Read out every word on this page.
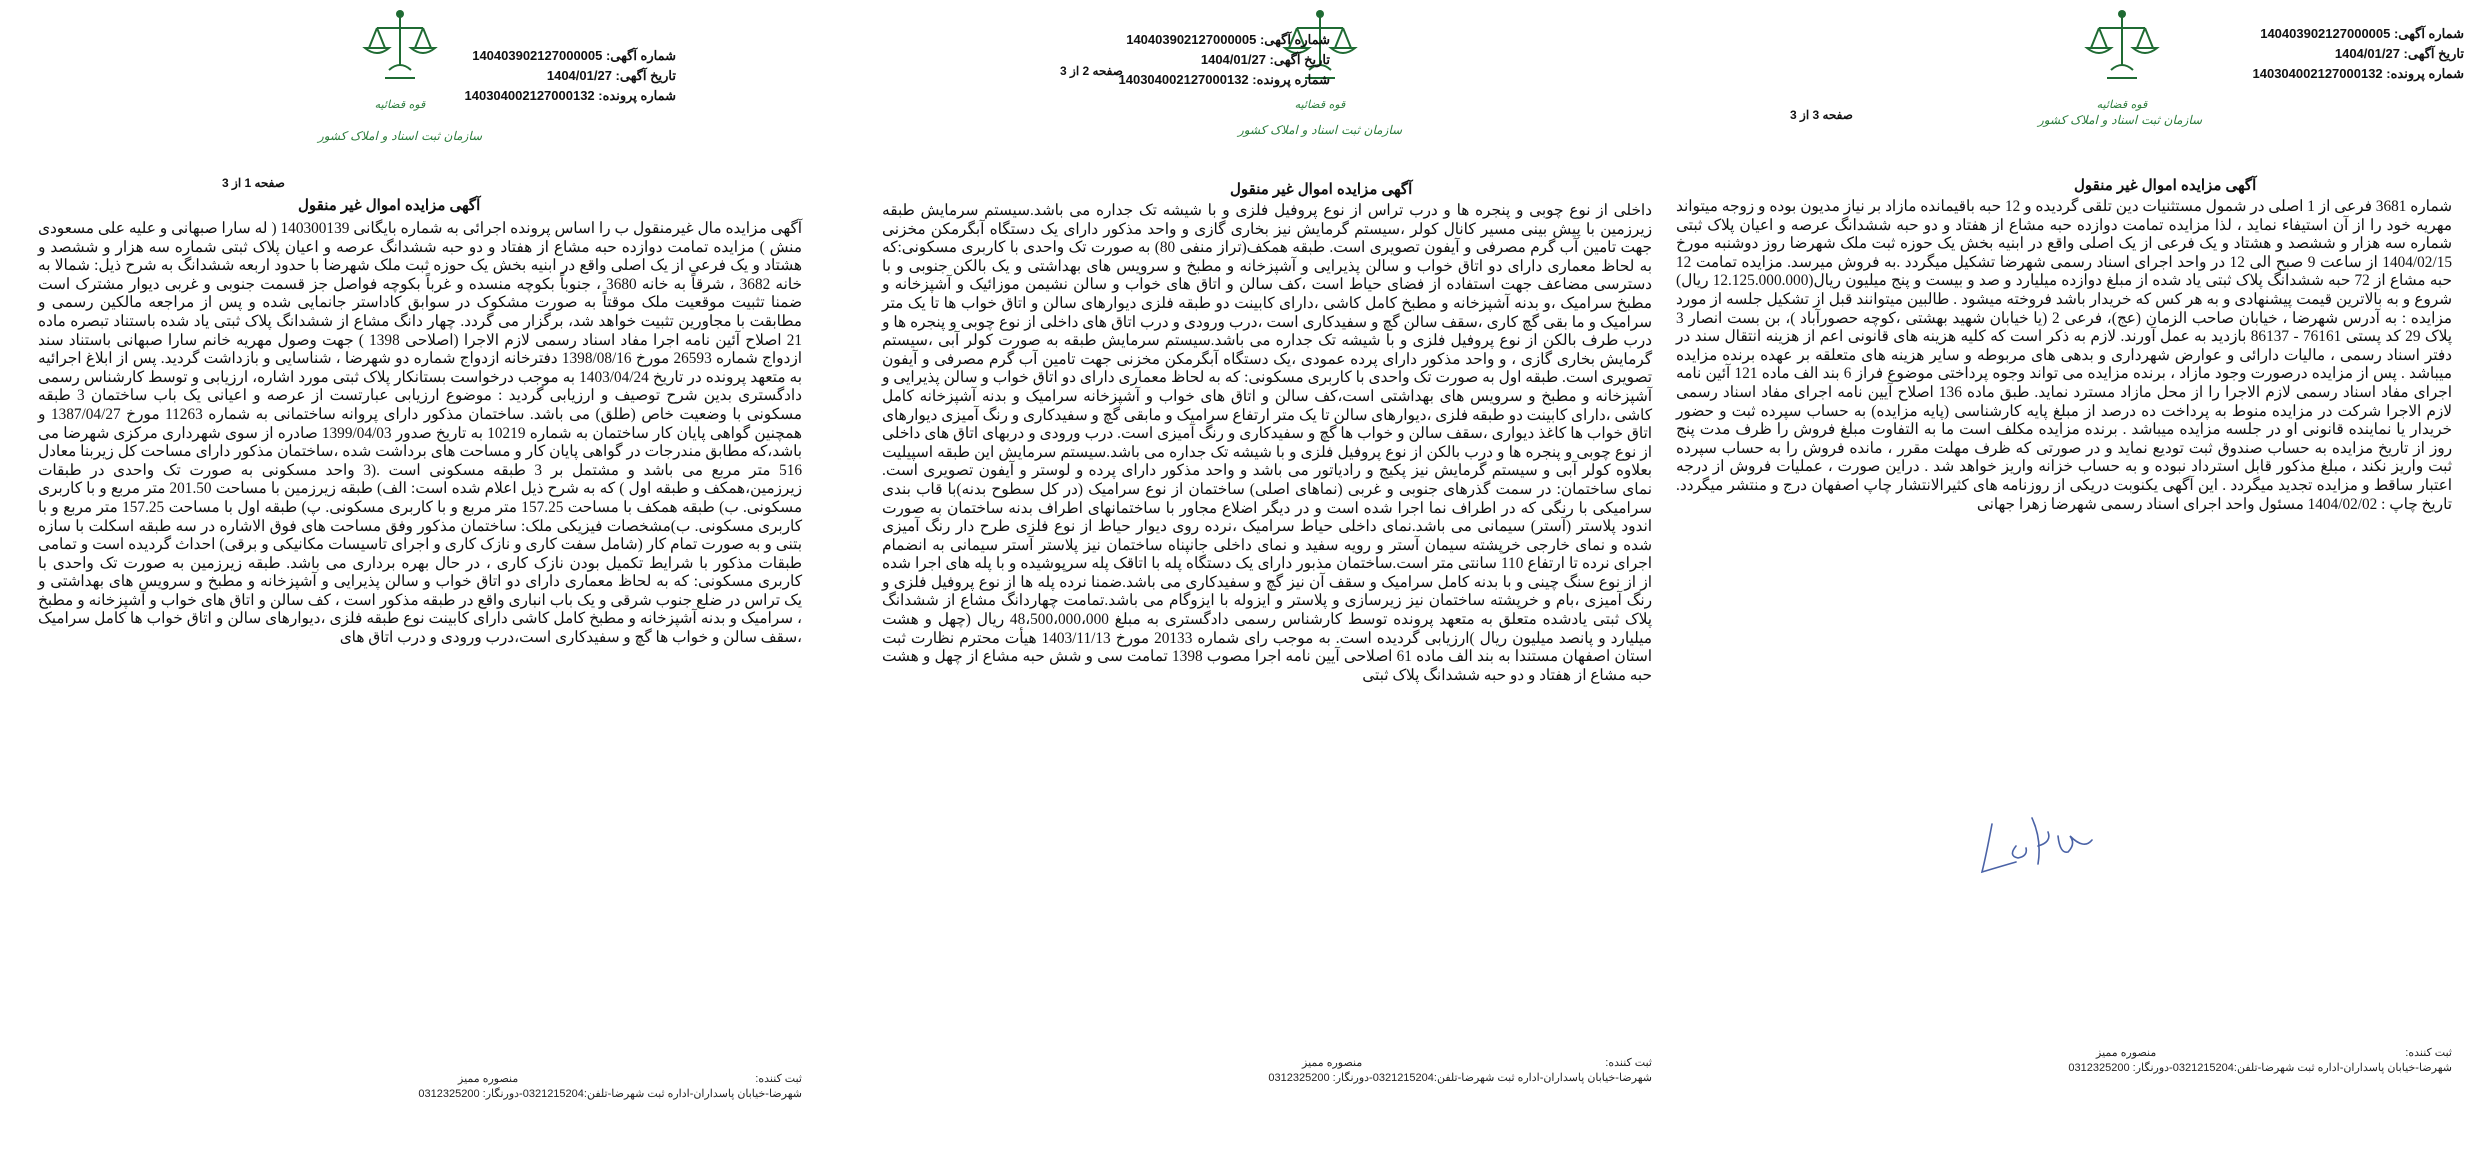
قوه قضائیه
سازمان ثبت اسناد و املاک کشور
شماره آگهی: 140403902127000005
تاریخ آگهی: 1404/01/27
شماره پرونده: 140304002127000132
صفحه 1 از 3
آگهی مزایده اموال غیر منقول

آگهی مزایده مال غیرمنقول ب را اساس پرونده اجرائی به شماره بایگانی 140300139 ( له سارا صبهانی و علیه علی مسعودی منش ) مزایده تمامت دوازده حبه مشاع از هفتاد و دو حبه ششدانگ عرصه و اعیان پلاک ثبتی شماره سه هزار و ششصد و هشتاد و یک فرعی از یک اصلی واقع در ابنیه بخش یک حوزه ثبت ملک شهرضا با حدود اربعه ششدانگ به شرح ذیل: شمالا به خانه 3682 ، شرقاً به خانه 3680 ، جنوباً بکوچه منسده و غرباً بکوچه فواصل جز قسمت جنوبی و غربی دیوار مشترک است ضمنا تثبیت موقعیت ملک موقتاً به صورت مشکوک در سوابق کاداستر جانمایی شده و پس از مراجعه مالکین رسمی و مطابقت با مجاورین تثبیت خواهد شد، برگزار می گردد. چهار دانگ مشاع از ششدانگ پلاک ثبتی یاد شده باستناد تبصره ماده 21 اصلاح آئین نامه اجرا مفاد اسناد رسمی لازم الاجرا (اصلاحی 1398 ) جهت وصول مهریه خانم سارا صبهانی باستناد سند ازدواج شماره 26593 مورخ 1398/08/16 دفترخانه ازدواج شماره دو شهرضا ، شناسایی و بازداشت گردید. پس از ابلاغ اجرائیه به متعهد پرونده در تاریخ 1403/04/24 به موجب درخواست بستانکار پلاک ثبتی مورد اشاره، ارزیابی و توسط کارشناس رسمی دادگستری بدین شرح توصیف و ارزیابی گردید : موضوع ارزیابی عبارتست از عرصه و اعیانی یک باب ساختمان 3 طبقه مسکونی با وضعیت خاص (طلق) می باشد. ساختمان مذکور دارای پروانه ساختمانی به شماره 11263 مورخ 1387/04/27 و همچنین گواهی پایان کار ساختمان به شماره 10219 به تاریخ صدور 1399/04/03 صادره از سوی شهرداری مرکزی شهرضا می باشد،که مطابق مندرجات در گواهی پایان کار و مساحت های برداشت شده ،ساختمان مذکور دارای مساحت کل زیربنا معادل 516 متر مربع می باشد و مشتمل بر 3 طبقه مسکونی است .(3 واحد مسکونی به صورت تک واحدی در طبقات زیرزمین،همکف و طبقه اول ) که به شرح ذیل اعلام شده است: الف) طبقه زیرزمین با مساحت 201.50 متر مربع و با کاربری مسکونی. ب) طبقه همکف با مساحت 157.25 متر مربع و با کاربری مسکونی. پ) طبقه اول با مساحت 157.25 متر مربع و با کاربری مسکونی. ب)مشخصات فیزیکی ملک: ساختمان مذکور وفق مساحت های فوق الاشاره در سه طبقه اسکلت با سازه بتنی و به صورت تمام کار (شامل سفت کاری و نازک کاری و اجرای تاسیسات مکانیکی و برقی) احداث گردیده است و تمامی طبقات مذکور با شرایط تکمیل بودن نازک کاری ، در حال بهره برداری می باشد. طبقه زیرزمین به صورت تک واحدی با کاربری مسکونی: که به لحاظ معماری دارای دو اتاق خواب و سالن پذیرایی و آشپزخانه و مطبخ و سرویس های بهداشتی و یک تراس در ضلع جنوب شرقی و یک باب انباری واقع در طبقه مذکور است ، کف سالن و اتاق های خواب و آشپزخانه و مطبخ ، سرامیک و بدنه آشپزخانه و مطبخ کامل کاشی دارای کابینت نوع طبقه فلزی ،دیوارهای سالن و اتاق خواب ها کامل سرامیک ،سقف سالن و خواب ها گچ و سفیدکاری است،درب ورودی و درب اتاق های

ثبت کننده:
منصوره ممیز
شهرضا-خیابان پاسداران-اداره ثبت شهرضا-تلفن:0321215204-دورنگار: 0312325200
قوه قضائیه
سازمان ثبت اسناد و املاک کشور
شماره آگهی: 140403902127000005
تاریخ آگهی: 1404/01/27
شماره پرونده: 140304002127000132
صفحه 2 از 3
آگهی مزایده اموال غیر منقول

داخلی از نوع چوبی و پنجره ها و درب تراس از نوع پروفیل فلزی و با شیشه تک جداره می باشد.سیستم سرمایش طبقه زیرزمین با پیش بینی مسیر کانال کولر ،سیستم گرمایش نیز بخاری گازی و واحد مذکور دارای یک دستگاه آبگرمکن مخزنی جهت تامین آب گرم مصرفی و آیفون تصویری است. طبقه همکف(تراز منفی 80) به صورت تک واحدی با کاربری مسکونی:که به لحاظ معماری دارای دو اتاق خواب و سالن پذیرایی و آشپزخانه و مطبخ و سرویس های بهداشتی و یک بالکن جنوبی و با دسترسی مضاعف جهت استفاده از فضای حیاط است ،کف سالن و اتاق های خواب و سالن نشیمن موزائیک و آشپزخانه و مطبخ سرامیک ،و بدنه آشپزخانه و مطبخ کامل کاشی ،دارای کابینت دو طبقه فلزی دیوارهای سالن و اتاق خواب ها تا یک متر سرامیک و ما بقی گچ کاری ،سقف سالن گچ و سفیدکاری است ،درب ورودی و درب اتاق های داخلی از نوع چوبی و پنجره ها و درب طرف بالکن از نوع پروفیل فلزی و با شیشه تک جداره می باشد.سیستم سرمایش طبقه به صورت کولر آبی ،سیستم گرمایش بخاری گازی ، و واحد مذکور دارای پرده عمودی ،یک دستگاه آبگرمکن مخزنی جهت تامین آب گرم مصرفی و آیفون تصویری است. طبقه اول به صورت تک واحدی با کاربری مسکونی: که به لحاظ معماری دارای دو اتاق خواب و سالن پذیرایی و آشپزخانه و مطبخ و سرویس های بهداشتی است،کف سالن و اتاق های خواب و آشپزخانه سرامیک و بدنه آشپزخانه کامل کاشی ،دارای کابینت دو طبقه فلزی ،دیوارهای سالن تا یک متر ارتفاع سرامیک و مابقی گچ و سفیدکاری و رنگ آمیزی دیوارهای اتاق خواب ها کاغذ دیواری ،سقف سالن و خواب ها گچ و سفیدکاری و رنگ آمیزی است. درب ورودی و دربهای اتاق های داخلی از نوع چوبی و پنجره ها و درب بالکن از نوع پروفیل فلزی و با شیشه تک جداره می باشد.سیستم سرمایش این طبقه اسپیلیت بعلاوه کولر آبی و سیستم گرمایش نیز پکیج و رادیاتور می باشد و واحد مذکور دارای پرده و لوستر و آیفون تصویری است. نمای ساختمان: در سمت گذرهای جنوبی و غربی (نماهای اصلی) ساختمان از نوع سرامیک (در کل سطوح بدنه)با قاب بندی سرامیکی با رنگی که در اطراف نما اجرا شده است و در دیگر اضلاع مجاور با ساختمانهای اطراف بدنه ساختمان به صورت اندود پلاستر (آستر) سیمانی می باشد.نمای داخلی حیاط سرامیک ،نرده روی دیوار حیاط از نوع فلزی طرح دار رنگ آمیزی شده و نمای خارجی خرپشته سیمان آستر و رویه سفید و نمای داخلی جانپناه ساختمان نیز پلاستر آستر سیمانی به انضمام اجرای نرده تا ارتفاع 110 سانتی متر است.ساختمان مذبور دارای یک دستگاه پله با اتاقک پله سرپوشیده و با پله های اجرا شده از از نوع سنگ چینی و با بدنه کامل سرامیک و سقف آن نیز گچ و سفیدکاری می باشد.ضمنا نرده پله ها از نوع پروفیل فلزی و رنگ آمیزی ،بام و خرپشته ساختمان نیز زیرسازی و پلاستر و ایزوله با ایزوگام می باشد.تمامت چهاردانگ مشاع از ششدانگ پلاک ثبتی یادشده متعلق به متعهد پرونده توسط کارشناس رسمی دادگستری به مبلغ 48،500،000،000 ریال (چهل و هشت میلیارد و پانصد میلیون ریال )ارزیابی گردیده است. به موجب رای شماره 20133 مورخ 1403/11/13 هیأت محترم نظارت ثبت استان اصفهان مستندا به بند الف ماده 61 اصلاحی آیین نامه اجرا مصوب 1398 تمامت سی و شش حبه مشاع از چهل و هشت حبه مشاع از هفتاد و دو حبه ششدانگ پلاک ثبتی

ثبت کننده:
منصوره ممیز
شهرضا-خیابان پاسداران-اداره ثبت شهرضا-تلفن:0321215204-دورنگار: 0312325200
قوه قضائیه
سازمان ثبت اسناد و املاک کشور
شماره آگهی: 140403902127000005
تاریخ آگهی: 1404/01/27
شماره پرونده: 140304002127000132
صفحه 3 از 3
آگهی مزایده اموال غیر منقول

شماره 3681 فرعی از 1 اصلی در شمول مستثنیات دین تلقی گردیده و 12 حبه باقیمانده مازاد بر نیاز مدیون بوده و زوجه میتواند مهریه خود را از آن استیفاء نماید ، لذا مزایده تمامت دوازده حبه مشاع از هفتاد و دو حبه ششدانگ عرصه و اعیان پلاک ثبتی شماره سه هزار و ششصد و هشتاد و یک فرعی از یک اصلی واقع در ابنیه بخش یک حوزه ثبت ملک شهرضا روز دوشنبه مورخ 1404/02/15 از ساعت 9 صبح الی 12 در واحد اجرای اسناد رسمی شهرضا تشکیل میگردد .به فروش میرسد. مزایده تمامت 12 حبه مشاع از 72 حبه ششدانگ پلاک ثبتی یاد شده از مبلغ دوازده میلیارد و صد و بیست و پنج میلیون ریال(12.125.000.000 ریال) شروع و به بالاترین قیمت پیشنهادی و به هر کس که خریدار باشد فروخته میشود . طالبین میتوانند قبل از تشکیل جلسه از مورد مزایده : به آدرس شهرضا ، خیابان صاحب الزمان (عج)، فرعی 2 (یا خیابان شهید بهشتی ،کوچه حصورآباد )، بن بست انصار 3 پلاک 29 کد پستی 76161 - 86137 بازدید به عمل آورند. لازم به ذکر است که کلیه هزینه های قانونی اعم از هزینه انتقال سند در دفتر اسناد رسمی ، مالیات دارائی و عوارض شهرداری و بدهی های مربوطه و سایر هزینه های متعلقه بر عهده برنده مزایده میباشد . پس از مزایده درصورت وجود مازاد ، برنده مزایده می تواند وجوه پرداختی موضوع فراز 6 بند الف ماده 121 آئین نامه اجرای مفاد اسناد رسمی لازم الاجرا را از محل مازاد مسترد نماید. طبق ماده 136 اصلاح آیین نامه اجرای مفاد اسناد رسمی لازم الاجرا شرکت در مزایده منوط به پرداخت ده درصد از مبلغ پایه کارشناسی (پایه مزایده) به حساب سپرده ثبت و حضور خریدار یا نماینده قانونی او در جلسه مزایده میباشد . برنده مزایده مکلف است ما به التفاوت مبلغ فروش را ظرف مدت پنج روز از تاریخ مزایده به حساب صندوق ثبت تودیع نماید و در صورتی که ظرف مهلت مقرر ، مانده فروش را به حساب سپرده ثبت واریز نکند ، مبلغ مذکور قابل استرداد نبوده و به حساب خزانه واریز خواهد شد . دراین صورت ، عملیات فروش از درجه اعتبار ساقط و مزایده تجدید میگردد . این آگهی یکنوبت دریکی از روزنامه های کثیرالانتشار چاپ اصفهان درج و منتشر میگردد. تاریخ چاپ : 1404/02/02 مسئول واحد اجرای اسناد رسمی شهرضا زهرا جهانی

ثبت کننده:
منصوره ممیز
شهرضا-خیابان پاسداران-اداره ثبت شهرضا-تلفن:0321215204-دورنگار: 0312325200
